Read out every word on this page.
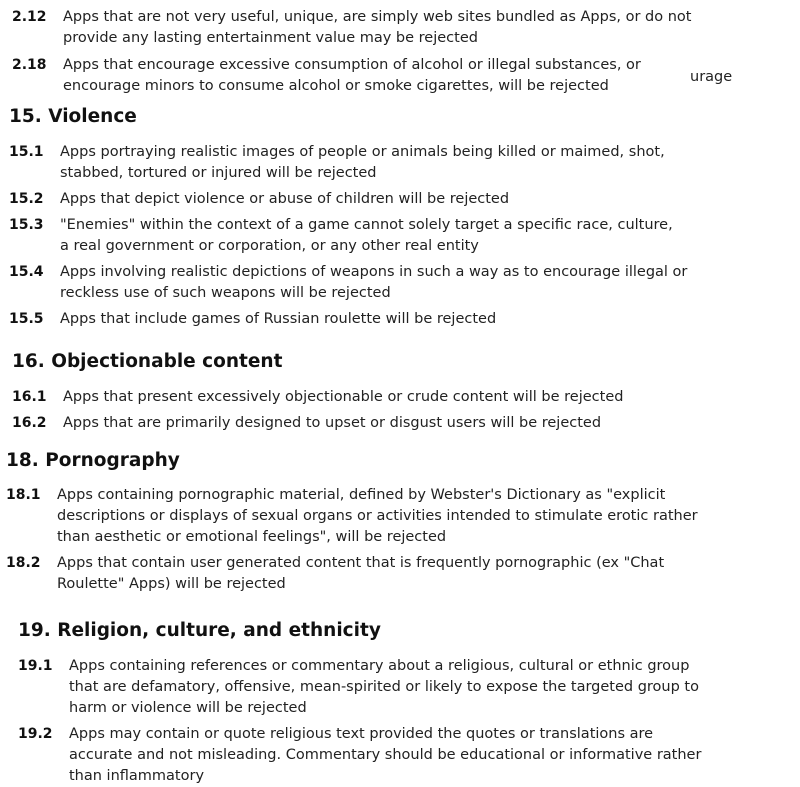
2.12	Apps that are not very useful, unique, are simply web sites bundled as Apps, or do not provide any lasting entertainment value may be rejected
2.18	Apps that encourage excessive consumption of alcohol or illegal substances, or encourage minors to consume alcohol or smoke cigarettes, will be rejected
urage
15. Violence
15.1	Apps portraying realistic images of people or animals being killed or maimed, shot, stabbed, tortured or injured will be rejected
15.2	Apps that depict violence or abuse of children will be rejected
15.3	"Enemies" within the context of a game cannot solely target a specific race, culture, a real government or corporation, or any other real entity
15.4	Apps involving realistic depictions of weapons in such a way as to encourage illegal or reckless use of such weapons will be rejected
15.5	Apps that include games of Russian roulette will be rejected
16. Objectionable content
16.1	Apps that present excessively objectionable or crude content will be rejected
16.2	Apps that are primarily designed to upset or disgust users will be rejected
18. Pornography
18.1	Apps containing pornographic material, defined by Webster's Dictionary as "explicit descriptions or displays of sexual organs or activities intended to stimulate erotic rather than aesthetic or emotional feelings", will be rejected
18.2	Apps that contain user generated content that is frequently pornographic (ex "Chat Roulette" Apps) will be rejected
19. Religion, culture, and ethnicity
19.1	Apps containing references or commentary about a religious, cultural or ethnic group that are defamatory, offensive, mean-spirited or likely to expose the targeted group to harm or violence will be rejected
19.2	Apps may contain or quote religious text provided the quotes or translations are accurate and not misleading. Commentary should be educational or informative rather than inflammatory
